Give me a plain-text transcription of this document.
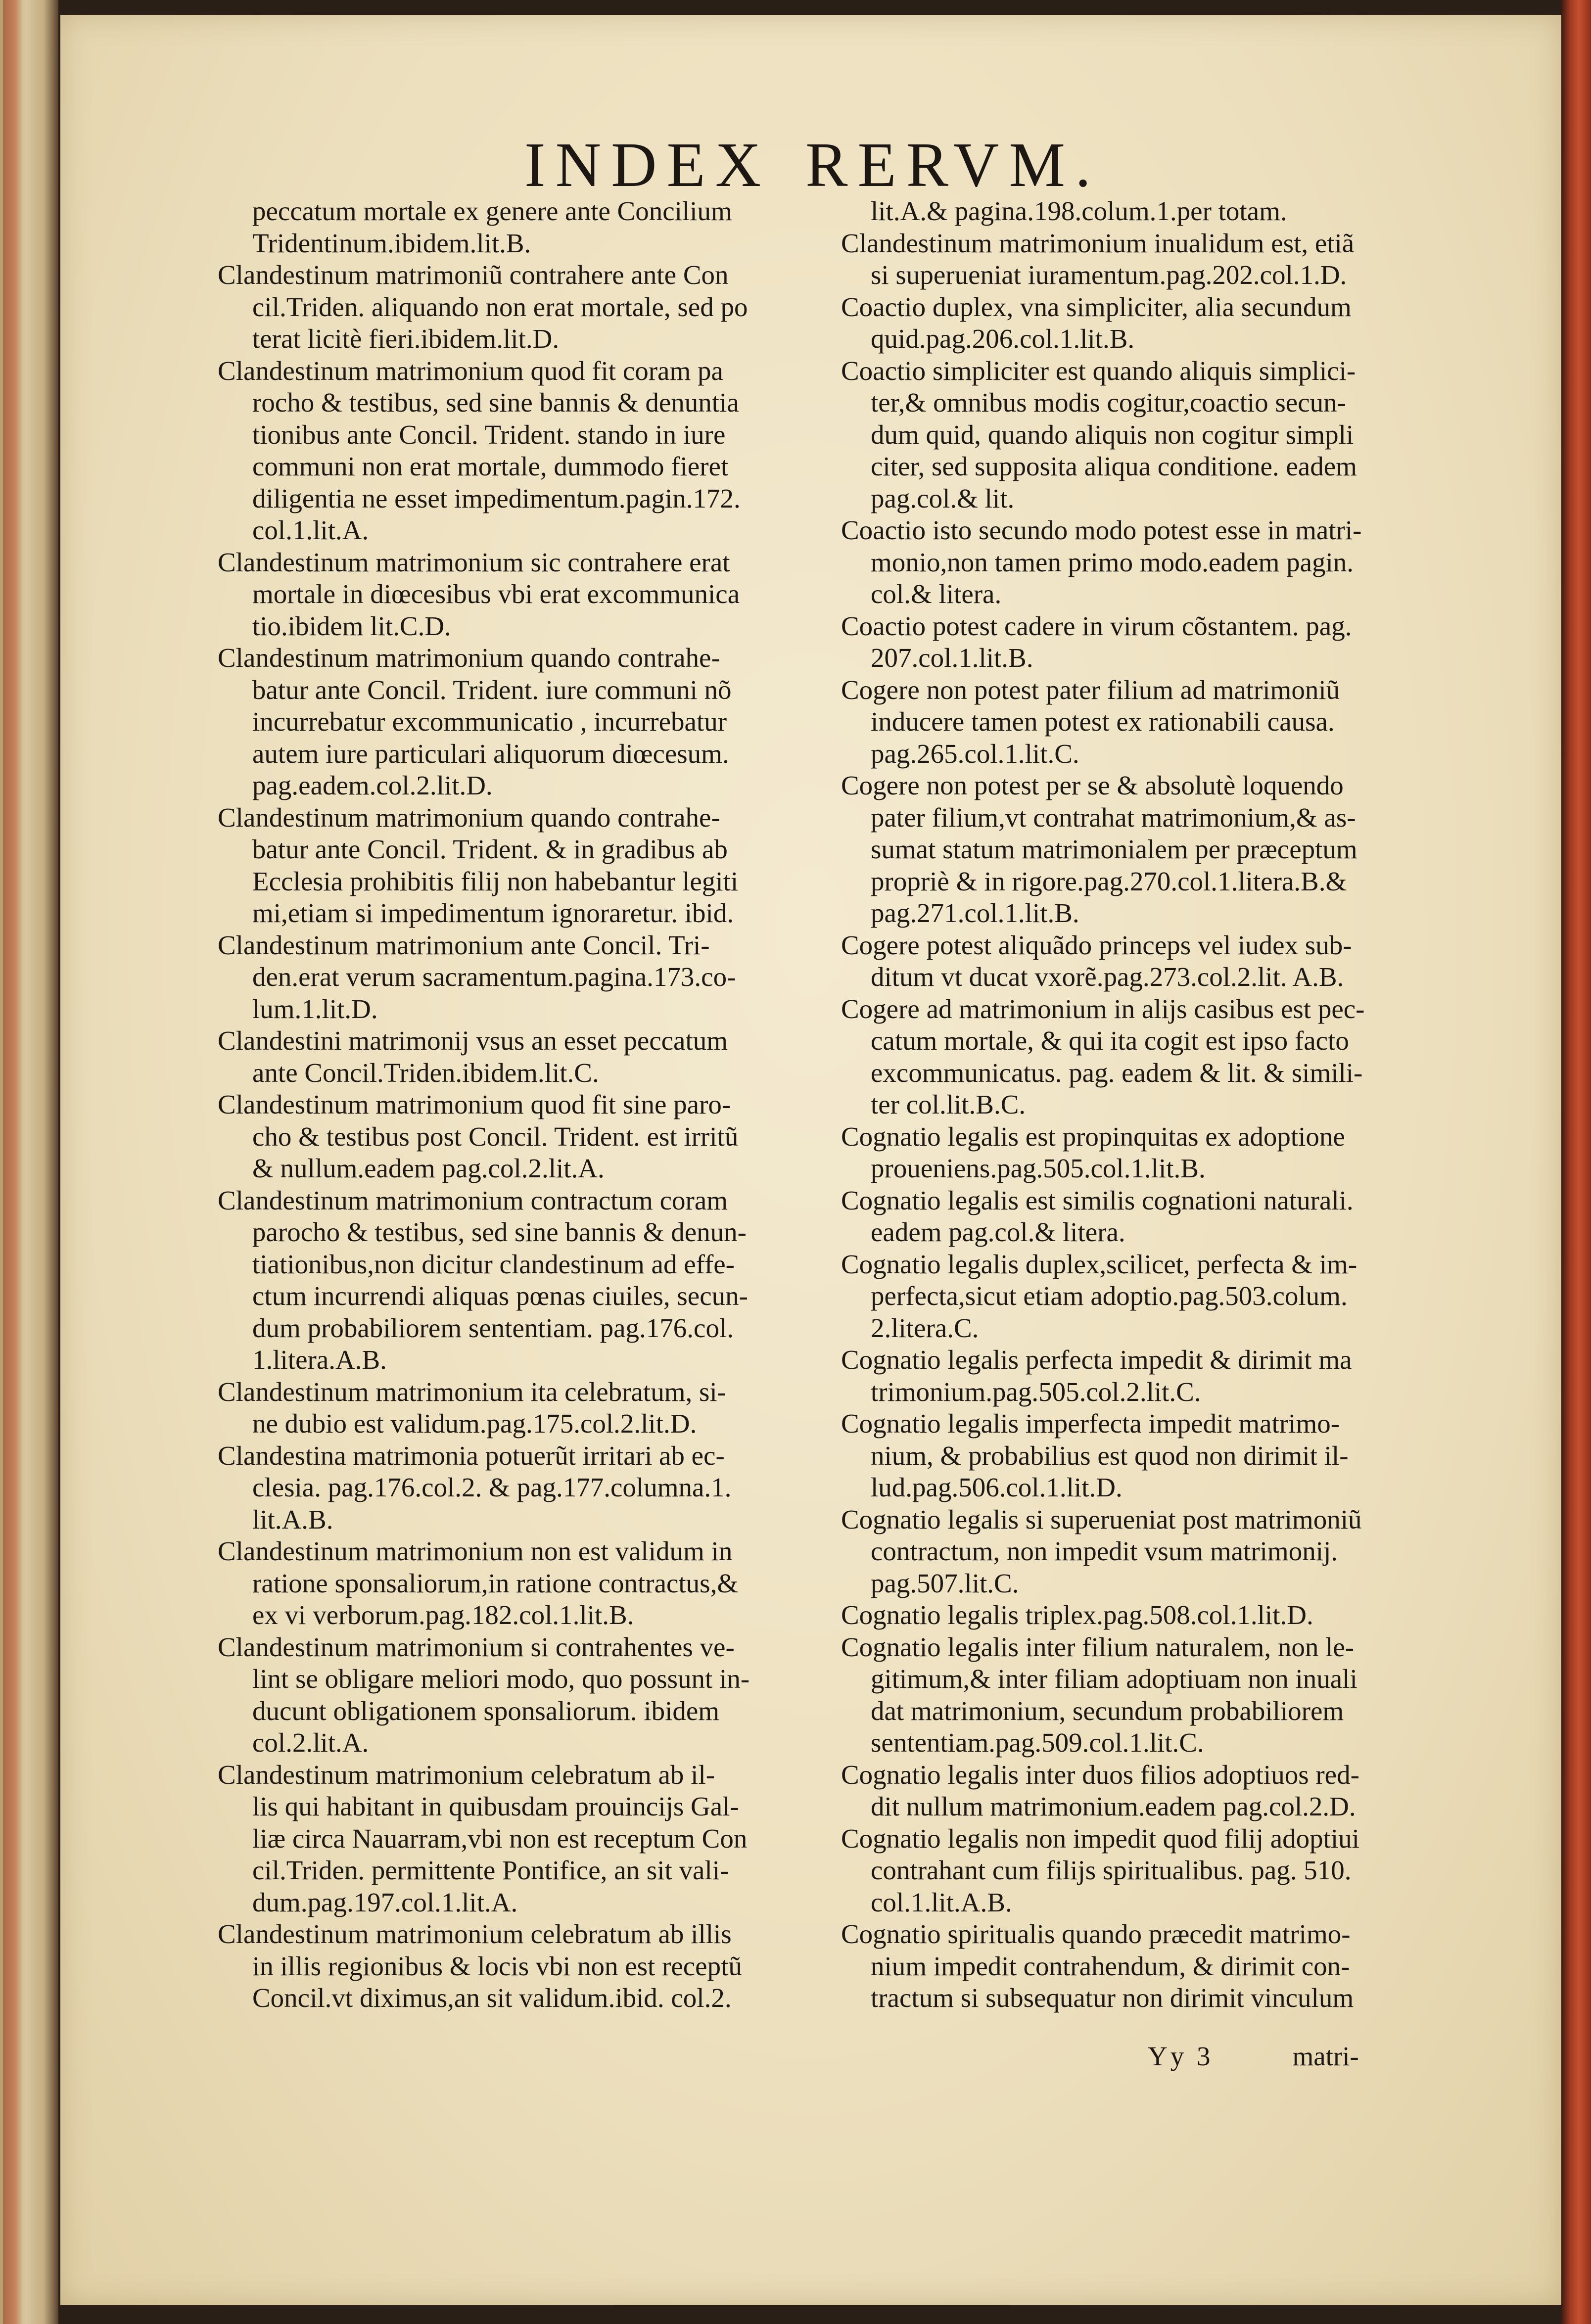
INDEX RERVM.
peccatum mortale ex genere ante Concilium
Tridentinum.ibidem.lit.B.
Clandestinum matrimoniũ contrahere ante Con
cil.Triden. aliquando non erat mortale, sed po
terat licitè fieri.ibidem.lit.D.
Clandestinum matrimonium quod fit coram pa
rocho & testibus, sed sine bannis & denuntia
tionibus ante Concil. Trident. stando in iure
communi non erat mortale, dummodo fieret
diligentia ne esset impedimentum.pagin.172.
col.1.lit.A.
Clandestinum matrimonium sic contrahere erat
mortale in diœcesibus vbi erat excommunica
tio.ibidem lit.C.D.
Clandestinum matrimonium quando contrahe-
batur ante Concil. Trident. iure communi nõ
incurrebatur excommunicatio , incurrebatur
autem iure particulari aliquorum diœcesum.
pag.eadem.col.2.lit.D.
Clandestinum matrimonium quando contrahe-
batur ante Concil. Trident. & in gradibus ab
Ecclesia prohibitis filij non habebantur legiti
mi,etiam si impedimentum ignoraretur. ibid.
Clandestinum matrimonium ante Concil. Tri-
den.erat verum sacramentum.pagina.173.co-
lum.1.lit.D.
Clandestini matrimonij vsus an esset peccatum
ante Concil.Triden.ibidem.lit.C.
Clandestinum matrimonium quod fit sine paro-
cho & testibus post Concil. Trident. est irritũ
& nullum.eadem pag.col.2.lit.A.
Clandestinum matrimonium contractum coram
parocho & testibus, sed sine bannis & denun-
tiationibus,non dicitur clandestinum ad effe-
ctum incurrendi aliquas pœnas ciuiles, secun-
dum probabiliorem sententiam. pag.176.col.
1.litera.A.B.
Clandestinum matrimonium ita celebratum, si-
ne dubio est validum.pag.175.col.2.lit.D.
Clandestina matrimonia potuerũt irritari ab ec-
clesia. pag.176.col.2. & pag.177.columna.1.
lit.A.B.
Clandestinum matrimonium non est validum in
ratione sponsaliorum,in ratione contractus,&
ex vi verborum.pag.182.col.1.lit.B.
Clandestinum matrimonium si contrahentes ve-
lint se obligare meliori modo, quo possunt in-
ducunt obligationem sponsaliorum. ibidem
col.2.lit.A.
Clandestinum matrimonium celebratum ab il-
lis qui habitant in quibusdam prouincijs Gal-
liæ circa Nauarram,vbi non est receptum Con
cil.Triden. permittente Pontifice, an sit vali-
dum.pag.197.col.1.lit.A.
Clandestinum matrimonium celebratum ab illis
in illis regionibus & locis vbi non est receptũ
Concil.vt diximus,an sit validum.ibid. col.2.
lit.A.& pagina.198.colum.1.per totam.
Clandestinum matrimonium inualidum est, etiã
si superueniat iuramentum.pag.202.col.1.D.
Coactio duplex, vna simpliciter, alia secundum
quid.pag.206.col.1.lit.B.
Coactio simpliciter est quando aliquis simplici-
ter,& omnibus modis cogitur,coactio secun-
dum quid, quando aliquis non cogitur simpli
citer, sed supposita aliqua conditione. eadem
pag.col.& lit.
Coactio isto secundo modo potest esse in matri-
monio,non tamen primo modo.eadem pagin.
col.& litera.
Coactio potest cadere in virum cõstantem. pag.
207.col.1.lit.B.
Cogere non potest pater filium ad matrimoniũ
inducere tamen potest ex rationabili causa.
pag.265.col.1.lit.C.
Cogere non potest per se & absolutè loquendo
pater filium,vt contrahat matrimonium,& as-
sumat statum matrimonialem per præceptum
propriè & in rigore.pag.270.col.1.litera.B.&
pag.271.col.1.lit.B.
Cogere potest aliquãdo princeps vel iudex sub-
ditum vt ducat vxorẽ.pag.273.col.2.lit. A.B.
Cogere ad matrimonium in alijs casibus est pec-
catum mortale, & qui ita cogit est ipso facto
excommunicatus. pag. eadem & lit. & simili-
ter col.lit.B.C.
Cognatio legalis est propinquitas ex adoptione
proueniens.pag.505.col.1.lit.B.
Cognatio legalis est similis cognationi naturali.
eadem pag.col.& litera.
Cognatio legalis duplex,scilicet, perfecta & im-
perfecta,sicut etiam adoptio.pag.503.colum.
2.litera.C.
Cognatio legalis perfecta impedit & dirimit ma
trimonium.pag.505.col.2.lit.C.
Cognatio legalis imperfecta impedit matrimo-
nium, & probabilius est quod non dirimit il-
lud.pag.506.col.1.lit.D.
Cognatio legalis si superueniat post matrimoniũ
contractum, non impedit vsum matrimonij.
pag.507.lit.C.
Cognatio legalis triplex.pag.508.col.1.lit.D.
Cognatio legalis inter filium naturalem, non le-
gitimum,& inter filiam adoptiuam non inuali
dat matrimonium, secundum probabiliorem
sententiam.pag.509.col.1.lit.C.
Cognatio legalis inter duos filios adoptiuos red-
dit nullum matrimonium.eadem pag.col.2.D.
Cognatio legalis non impedit quod filij adoptiui
contrahant cum filijs spiritualibus. pag. 510.
col.1.lit.A.B.
Cognatio spiritualis quando præcedit matrimo-
nium impedit contrahendum, & dirimit con-
tractum si subsequatur non dirimit vinculum
Yy 3	matri-
